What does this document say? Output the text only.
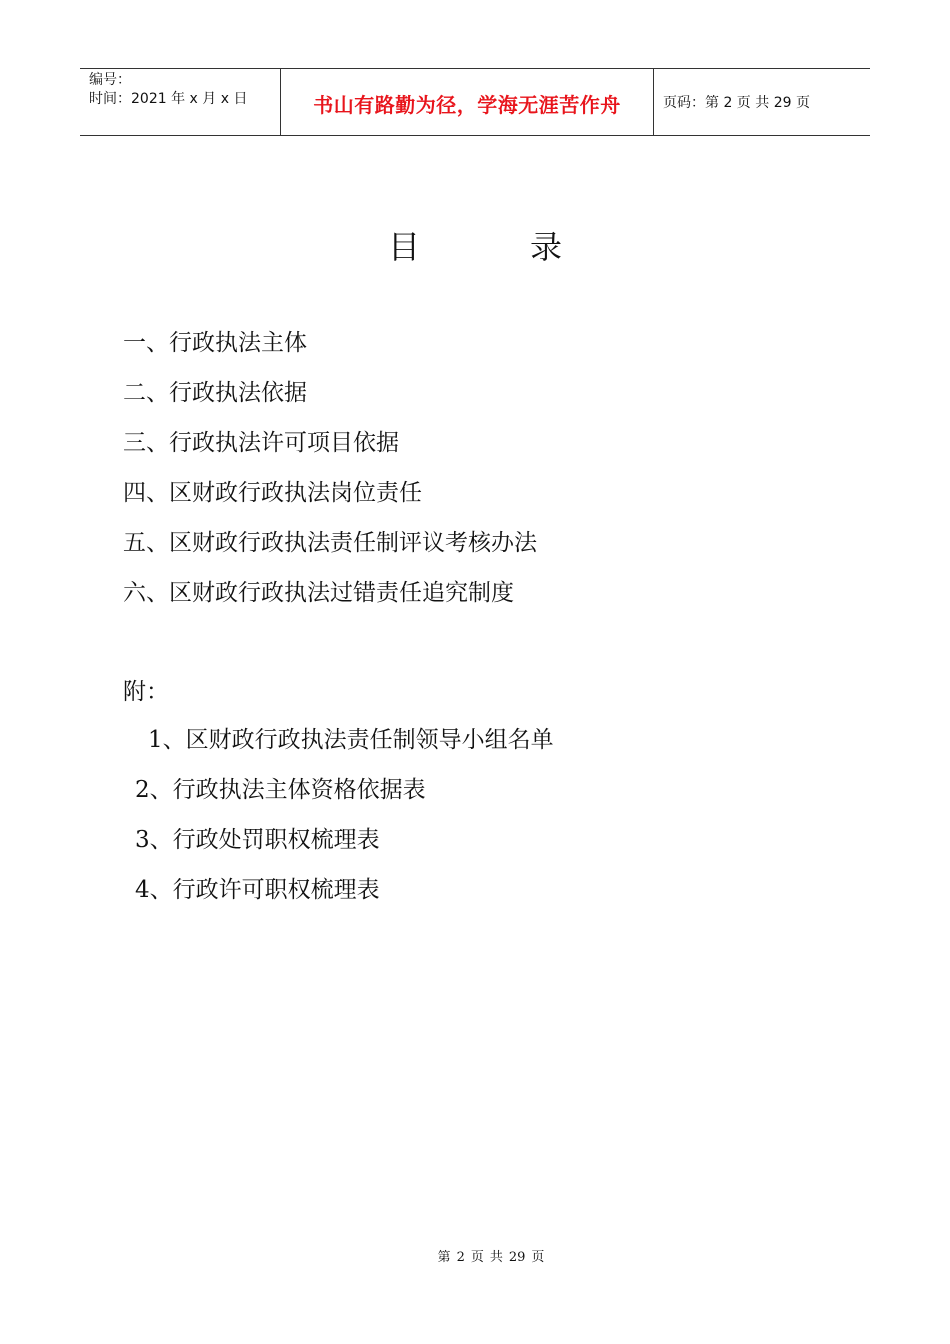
编号：
时间：2021 年 x 月 x 日	书山有路勤为径，学海无涯苦作舟	页码：第 2 页 共 29 页
目	录
一、行政执法主体
二、行政执法依据
三、行政执法许可项目依据
四、区财政行政执法岗位责任
五、区财政行政执法责任制评议考核办法
六、区财政行政执法过错责任追究制度
附：
1、区财政行政执法责任制领导小组名单
2、行政执法主体资格依据表
3、行政处罚职权梳理表
4、行政许可职权梳理表
第 2 页 共 29 页
